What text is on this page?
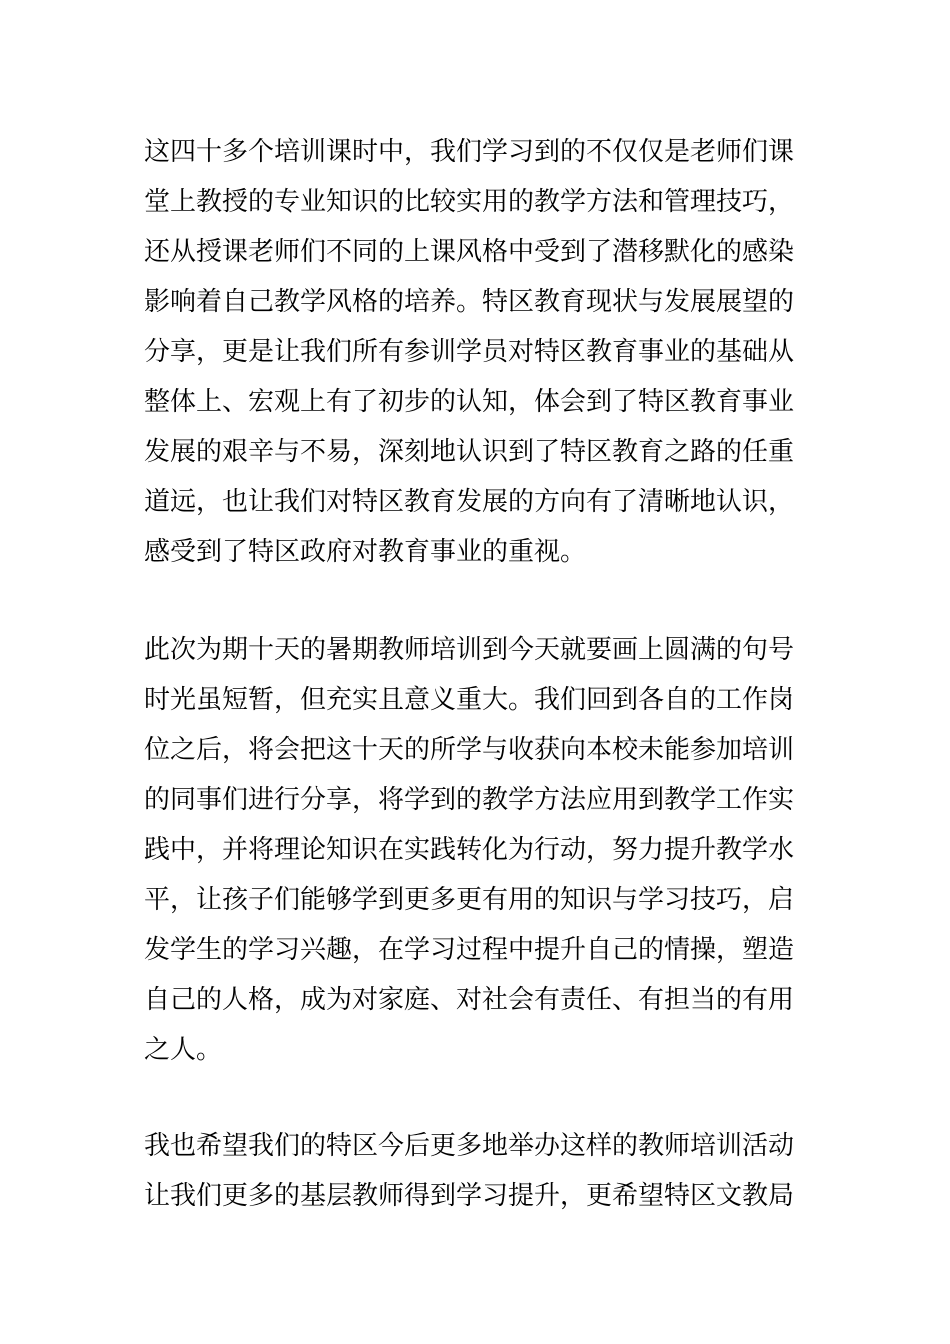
这四十多个培训课时中，我们学习到的不仅仅是老师们课
堂上教授的专业知识的比较实用的教学方法和管理技巧，
还从授课老师们不同的上课风格中受到了潜移默化的感染
影响着自己教学风格的培养。特区教育现状与发展展望的
分享，更是让我们所有参训学员对特区教育事业的基础从
整体上、宏观上有了初步的认知，体会到了特区教育事业
发展的艰辛与不易，深刻地认识到了特区教育之路的任重
道远，也让我们对特区教育发展的方向有了清晰地认识，
感受到了特区政府对教育事业的重视。
此次为期十天的暑期教师培训到今天就要画上圆满的句号
时光虽短暂，但充实且意义重大。我们回到各自的工作岗
位之后，将会把这十天的所学与收获向本校未能参加培训
的同事们进行分享，将学到的教学方法应用到教学工作实
践中，并将理论知识在实践转化为行动，努力提升教学水
平，让孩子们能够学到更多更有用的知识与学习技巧，启
发学生的学习兴趣，在学习过程中提升自己的情操，塑造
自己的人格，成为对家庭、对社会有责任、有担当的有用
之人。
我也希望我们的特区今后更多地举办这样的教师培训活动
让我们更多的基层教师得到学习提升，更希望特区文教局
